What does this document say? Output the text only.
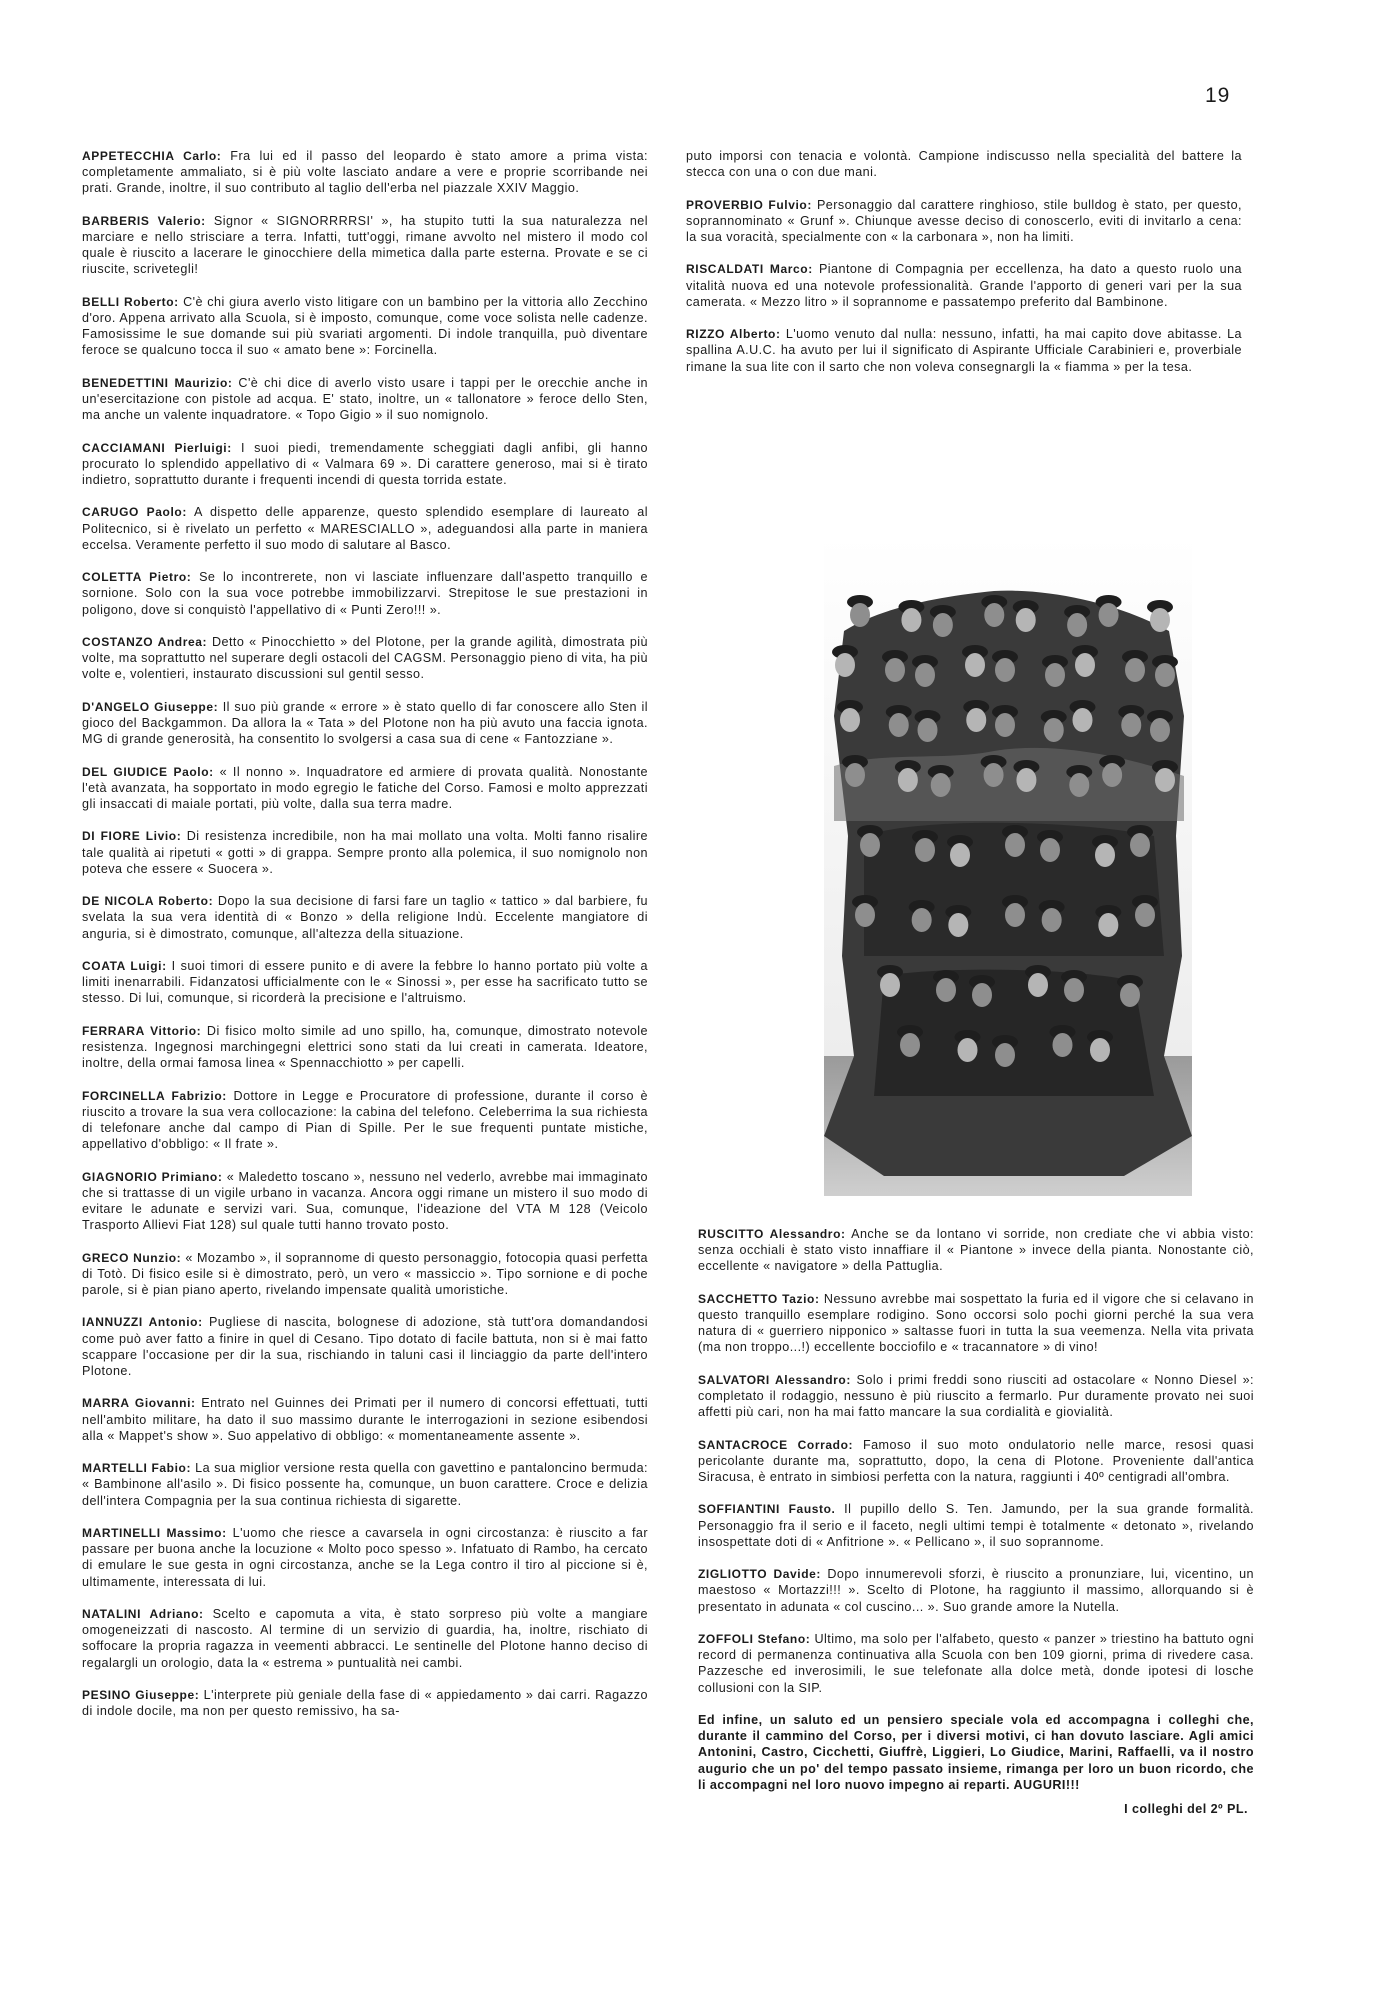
19

APPETECCHIA Carlo: Fra lui ed il passo del leopardo è stato amore a prima vista: completamente ammaliato, si è più volte lasciato andare a vere e proprie scorribande nei prati. Grande, inoltre, il suo contributo al taglio dell'erba nel piazzale XXIV Maggio.

BARBERIS Valerio: Signor « SIGNORRRRSI' », ha stupito tutti la sua naturalezza nel marciare e nello strisciare a terra. Infatti, tutt'oggi, rimane avvolto nel mistero il modo col quale è riuscito a lacerare le ginocchiere della mimetica dalla parte esterna. Provate e se ci riuscite, scrivetegli!

BELLI Roberto: C'è chi giura averlo visto litigare con un bambino per la vittoria allo Zecchino d'oro. Appena arrivato alla Scuola, si è imposto, comunque, come voce solista nelle cadenze. Famosissime le sue domande sui più svariati argomenti. Di indole tranquilla, può diventare feroce se qualcuno tocca il suo « amato bene »: Forcinella.

BENEDETTINI Maurizio: C'è chi dice di averlo visto usare i tappi per le orecchie anche in un'esercitazione con pistole ad acqua. E' stato, inoltre, un « tallonatore » feroce dello Sten, ma anche un valente inquadratore. « Topo Gigio » il suo nomignolo.

CACCIAMANI Pierluigi: I suoi piedi, tremendamente scheggiati dagli anfibi, gli hanno procurato lo splendido appellativo di « Valmara 69 ». Di carattere generoso, mai si è tirato indietro, soprattutto durante i frequenti incendi di questa torrida estate.

CARUGO Paolo: A dispetto delle apparenze, questo splendido esemplare di laureato al Politecnico, si è rivelato un perfetto « MARESCIALLO », adeguandosi alla parte in maniera eccelsa. Veramente perfetto il suo modo di salutare al Basco.

COLETTA Pietro: Se lo incontrerete, non vi lasciate influenzare dall'aspetto tranquillo e sornione. Solo con la sua voce potrebbe immobilizzarvi. Strepitose le sue prestazioni in poligono, dove si conquistò l'appellativo di « Punti Zero!!! ».

COSTANZO Andrea: Detto « Pinocchietto » del Plotone, per la grande agilità, dimostrata più volte, ma soprattutto nel superare degli ostacoli del CAGSM. Personaggio pieno di vita, ha più volte e, volentieri, instaurato discussioni sul gentil sesso.

D'ANGELO Giuseppe: Il suo più grande « errore » è stato quello di far conoscere allo Sten il gioco del Backgammon. Da allora la « Tata » del Plotone non ha più avuto una faccia ignota. MG di grande generosità, ha consentito lo svolgersi a casa sua di cene « Fantozziane ».

DEL GIUDICE Paolo: « Il nonno ». Inquadratore ed armiere di provata qualità. Nonostante l'età avanzata, ha sopportato in modo egregio le fatiche del Corso. Famosi e molto apprezzati gli insaccati di maiale portati, più volte, dalla sua terra madre.

DI FIORE Livio: Di resistenza incredibile, non ha mai mollato una volta. Molti fanno risalire tale qualità ai ripetuti « gotti » di grappa. Sempre pronto alla polemica, il suo nomignolo non poteva che essere « Suocera ».

DE NICOLA Roberto: Dopo la sua decisione di farsi fare un taglio « tattico » dal barbiere, fu svelata la sua vera identità di « Bonzo » della religione Indù. Eccelente mangiatore di anguria, si è dimostrato, comunque, all'altezza della situazione.

COATA Luigi: I suoi timori di essere punito e di avere la febbre lo hanno portato più volte a limiti inenarrabili. Fidanzatosi ufficialmente con le « Sinossi », per esse ha sacrificato tutto se stesso. Di lui, comunque, si ricorderà la precisione e l'altruismo.

FERRARA Vittorio: Di fisico molto simile ad uno spillo, ha, comunque, dimostrato notevole resistenza. Ingegnosi marchingegni elettrici sono stati da lui creati in camerata. Ideatore, inoltre, della ormai famosa linea « Spennacchiotto » per capelli.

FORCINELLA Fabrizio: Dottore in Legge e Procuratore di professione, durante il corso è riuscito a trovare la sua vera collocazione: la cabina del telefono. Celeberrima la sua richiesta di telefonare anche dal campo di Pian di Spille. Per le sue frequenti puntate mistiche, appellativo d'obbligo: « Il frate ».

GIAGNORIO Primiano: « Maledetto toscano », nessuno nel vederlo, avrebbe mai immaginato che si trattasse di un vigile urbano in vacanza. Ancora oggi rimane un mistero il suo modo di evitare le adunate e servizi vari. Sua, comunque, l'ideazione del VTA M 128 (Veicolo Trasporto Allievi Fiat 128) sul quale tutti hanno trovato posto.

GRECO Nunzio: « Mozambo », il soprannome di questo personaggio, fotocopia quasi perfetta di Totò. Di fisico esile si è dimostrato, però, un vero « massiccio ». Tipo sornione e di poche parole, si è pian piano aperto, rivelando impensate qualità umoristiche.

IANNUZZI Antonio: Pugliese di nascita, bolognese di adozione, stà tutt'ora domandandosi come può aver fatto a finire in quel di Cesano. Tipo dotato di facile battuta, non si è mai fatto scappare l'occasione per dir la sua, rischiando in taluni casi il linciaggio da parte dell'intero Plotone.

MARRA Giovanni: Entrato nel Guinnes dei Primati per il numero di concorsi effettuati, tutti nell'ambito militare, ha dato il suo massimo durante le interrogazioni in sezione esibendosi alla « Mappet's show ». Suo appelativo di obbligo: « momentaneamente assente ».

MARTELLI Fabio: La sua miglior versione resta quella con gavettino e pantaloncino bermuda: « Bambinone all'asilo ». Di fisico possente ha, comunque, un buon carattere. Croce e delizia dell'intera Compagnia per la sua continua richiesta di sigarette.

MARTINELLI Massimo: L'uomo che riesce a cavarsela in ogni circostanza: è riuscito a far passare per buona anche la locuzione « Molto poco spesso ». Infatuato di Rambo, ha cercato di emulare le sue gesta in ogni circostanza, anche se la Lega contro il tiro al piccione si è, ultimamente, interessata di lui.

NATALINI Adriano: Scelto e capomuta a vita, è stato sorpreso più volte a mangiare omogeneizzati di nascosto. Al termine di un servizio di guardia, ha, inoltre, rischiato di soffocare la propria ragazza in veementi abbracci. Le sentinelle del Plotone hanno deciso di regalargli un orologio, data la « estrema » puntualità nei cambi.

PESINO Giuseppe: L'interprete più geniale della fase di « appiedamento » dai carri. Ragazzo di indole docile, ma non per questo remissivo, ha sa-

puto imporsi con tenacia e volontà. Campione indiscusso nella specialità del battere la stecca con una o con due mani.

PROVERBIO Fulvio: Personaggio dal carattere ringhioso, stile bulldog è stato, per questo, soprannominato « Grunf ». Chiunque avesse deciso di conoscerlo, eviti di invitarlo a cena: la sua voracità, specialmente con « la carbonara », non ha limiti.

RISCALDATI Marco: Piantone di Compagnia per eccellenza, ha dato a questo ruolo una vitalità nuova ed una notevole professionalità. Grande l'apporto di generi vari per la sua camerata. « Mezzo litro » il soprannome e passatempo preferito dal Bambinone.

RIZZO Alberto: L'uomo venuto dal nulla: nessuno, infatti, ha mai capito dove abitasse. La spallina A.U.C. ha avuto per lui il significato di Aspirante Ufficiale Carabinieri e, proverbiale rimane la sua lite con il sarto che non voleva consegnargli la « fiamma » per la tesa.

RUSCITTO Alessandro: Anche se da lontano vi sorride, non crediate che vi abbia visto: senza occhiali è stato visto innaffiare il « Piantone » invece della pianta. Nonostante ciò, eccellente « navigatore » della Pattuglia.

SACCHETTO Tazio: Nessuno avrebbe mai sospettato la furia ed il vigore che si celavano in questo tranquillo esemplare rodigino. Sono occorsi solo pochi giorni perché la sua vera natura di « guerriero nipponico » saltasse fuori in tutta la sua veemenza. Nella vita privata (ma non troppo...!) eccellente bocciofilo e « tracannatore » di vino!

SALVATORI Alessandro: Solo i primi freddi sono riusciti ad ostacolare « Nonno Diesel »: completato il rodaggio, nessuno è più riuscito a fermarlo. Pur duramente provato nei suoi affetti più cari, non ha mai fatto mancare la sua cordialità e giovialità.

SANTACROCE Corrado: Famoso il suo moto ondulatorio nelle marce, resosi quasi pericolante durante ma, soprattutto, dopo, la cena di Plotone. Proveniente dall'antica Siracusa, è entrato in simbiosi perfetta con la natura, raggiunti i 40º centigradi all'ombra.

SOFFIANTINI Fausto. Il pupillo dello S. Ten. Jamundo, per la sua grande formalità. Personaggio fra il serio e il faceto, negli ultimi tempi è totalmente « detonato », rivelando insospettate doti di « Anfitrione ». « Pellicano », il suo soprannome.

ZIGLIOTTO Davide: Dopo innumerevoli sforzi, è riuscito a pronunziare, lui, vicentino, un maestoso « Mortazzi!!! ». Scelto di Plotone, ha raggiunto il massimo, allorquando si è presentato in adunata « col cuscino... ». Suo grande amore la Nutella.

ZOFFOLI Stefano: Ultimo, ma solo per l'alfabeto, questo « panzer » triestino ha battuto ogni record di permanenza continuativa alla Scuola con ben 109 giorni, prima di rivedere casa. Pazzesche ed inverosimili, le sue telefonate alla dolce metà, donde ipotesi di losche collusioni con la SIP.

Ed infine, un saluto ed un pensiero speciale vola ed accompagna i colleghi che, durante il cammino del Corso, per i diversi motivi, ci han dovuto lasciare. Agli amici Antonini, Castro, Cicchetti, Giuffrè, Liggieri, Lo Giudice, Marini, Raffaelli, va il nostro augurio che un po' del tempo passato insieme, rimanga per loro un buon ricordo, che li accompagni nel loro nuovo impegno ai reparti. AUGURI!!!

I colleghi del 2º PL.
